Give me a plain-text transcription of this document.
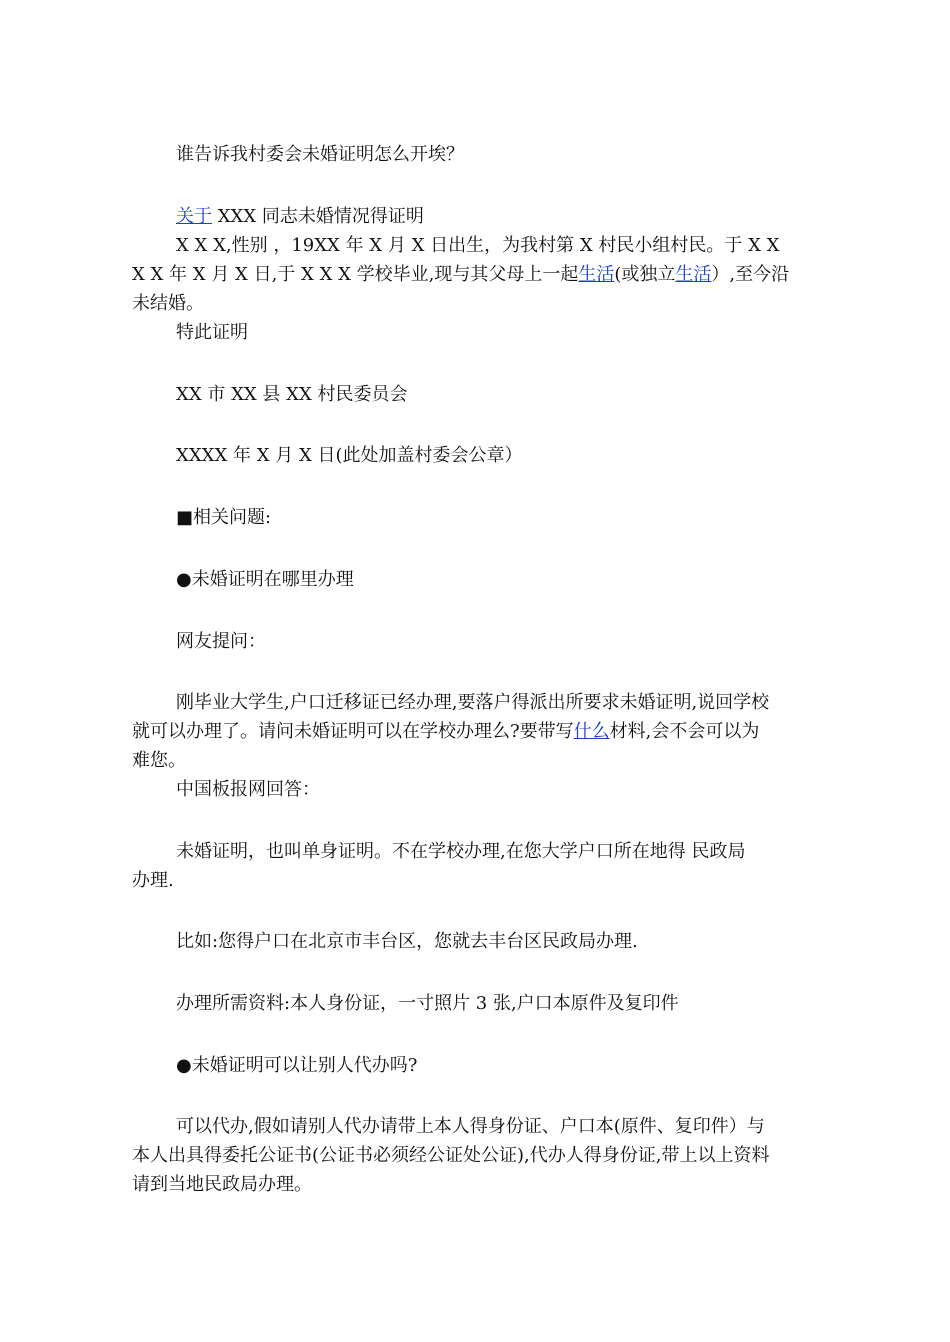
谁告诉我村委会未婚证明怎么开埃？

关于 XXX 同志未婚情况得证明

X X X,性别 ，19XX 年 X 月 X 日出生，为我村第 X 村民小组村民。于 X X

X X 年 X 月 X 日,于 X X X 学校毕业,现与其父母上一起生活(或独立生活）,至今沿

未结婚。

特此证明

XX 市 XX 县 XX 村民委员会

XXXX 年 X 月 X 日(此处加盖村委会公章）

■相关问题:

●未婚证明在哪里办理

网友提问：

刚毕业大学生,户口迁移证已经办理,要落户得派出所要求未婚证明,说回学校

就可以办理了。请问未婚证明可以在学校办理么?要带写什么材料,会不会可以为

难您。

中国板报网回答：

未婚证明，也叫单身证明。不在学校办理,在您大学户口所在地得 民政局

办理.

比如:您得户口在北京市丰台区，您就去丰台区民政局办理.

办理所需资料:本人身份证，一寸照片 3 张,户口本原件及复印件

●未婚证明可以让别人代办吗?

可以代办,假如请别人代办请带上本人得身份证、户口本(原件、复印件）与

本人出具得委托公证书(公证书必须经公证处公证),代办人得身份证,带上以上资料

请到当地民政局办理。
